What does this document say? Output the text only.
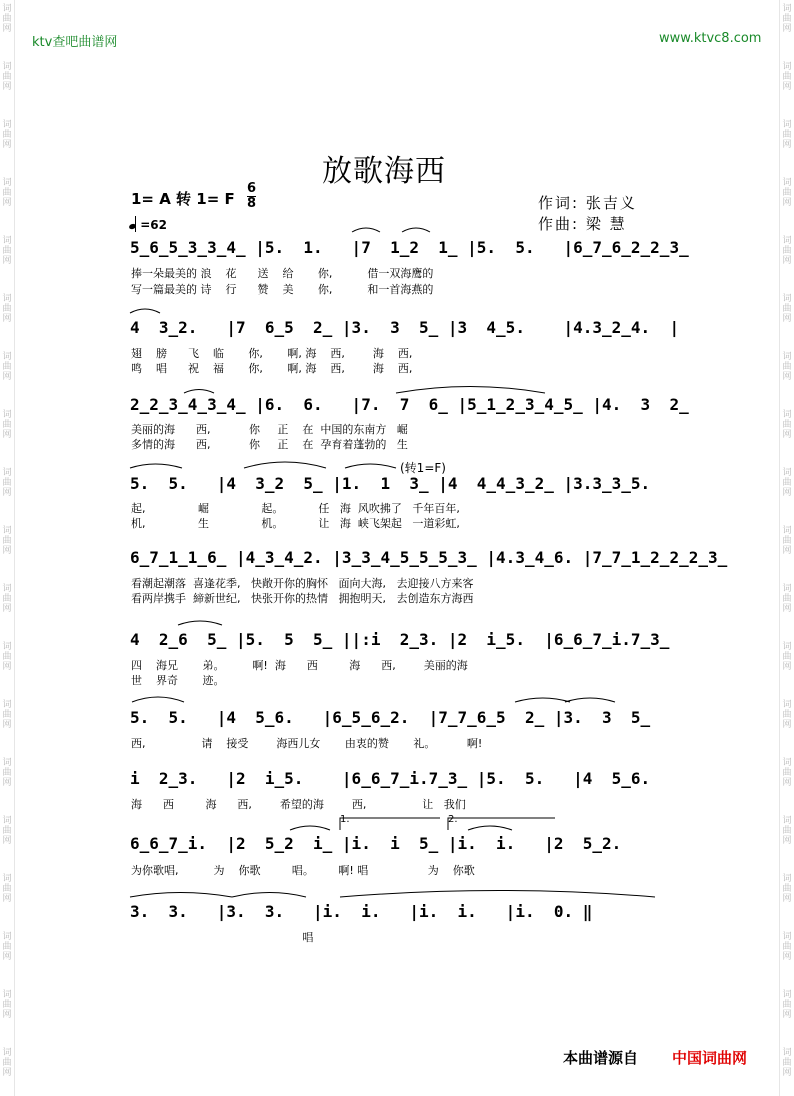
词
曲
网
词
曲
网
词
曲
网
词
曲
网
词
曲
网
词
曲
网
词
曲
网
词
曲
网
词
曲
网
词
曲
网
词
曲
网
词
曲
网
词
曲
网
词
曲
网
词
曲
网
词
曲
网
词
曲
网
词
曲
网
词
曲
网
词
曲
网
词
曲
网
词
曲
网
词
曲
网
词
曲
网
词
曲
网
词
曲
网
词
曲
网
词
曲
网
词
曲
网
词
曲
网
词
曲
网
词
曲
网
词
曲
网
词
曲
网
词
曲
网
词
曲
网
词
曲
网
词
曲
网
ktv查吧曲谱网	www.ktvc8.com
放歌海西
1= A 转 1= F
6
8	作词: 张吉义
作曲: 梁 慧
=62
5̲6̲5̲3̲3̲4̲ |5.  1.   |7  1̲2  1̲ |5.  5.   |6̲7̲6̲2̲2̲3̲
捧一朵最美的 浪    花      送    给       你,          借一双海鹰的
写一篇最美的 诗    行      赞    美       你,          和一首海燕的
4  3̲2.   |7  6̲5  2̲ |3.  3  5̲ |3  4̲5.    |4.3̲2̲4.  |
翅    膀      飞    临       你,       啊, 海    西,        海    西,
鸣    唱      祝    福       你,       啊, 海    西,        海    西,
2̲2̲3̲4̲3̲4̲ |6.  6.   |7.  7  6̲ |5̲1̲2̲3̲4̲5̲ |4.  3  2̲
美丽的海      西,           你     正    在  中国的东南方   崛
多情的海      西,           你     正    在  孕育着蓬勃的   生
(转1=F)
5.  5.   |4  3̲2  5̲ |1.  1  3̲ |4  4̲4̲3̲2̲ |3.3̲3̲5.
起,               崛               起。          任   海  风吹拂了   千年百年,
机,               生               机。          让   海  峡飞架起   一道彩虹,
6̲7̲1̲1̲6̲ |4̲3̲4̲2. |3̲3̲4̲5̲5̲5̲3̲ |4.3̲4̲6. |7̲7̲1̲2̲2̲2̲3̲
看潮起潮落  喜逢花季,   快敞开你的胸怀   面向大海,   去迎接八方来客
看两岸携手  締新世纪,   快张开你的热情   拥抱明天,   去创造东方海西
4  2̲6  5̲ |5.  5  5̲ ||:i  2̲3. |2  i̲5.  |6̲6̲7̲i.7̲3̲
四    海兄       弟。        啊!  海      西         海      西,        美丽的海
世    界奇       迹。
5.  5.   |4  5̲6.   |6̲5̲6̲2.  |7̲7̲6̲5  2̲ |3.  3  5̲
西,                请    接受        海西儿女       由衷的赞       礼。         啊!
i  2̲3.   |2  i̲5.    |6̲6̲7̲i.7̲3̲ |5.  5.   |4  5̲6.
海      西         海      西,        希望的海        西,                让   我们
1.	2.
6̲6̲7̲i.  |2  5̲2  i̲ |i.  i  5̲ |i.  i.   |2  5̲2.
为你歌唱,          为    你歌         唱。       啊! 唱                 为    你歌
3.  3.   |3.  3.   |i.  i.   |i.  i.   |i.  0. ‖
唱
本曲谱源自 中国词曲网
